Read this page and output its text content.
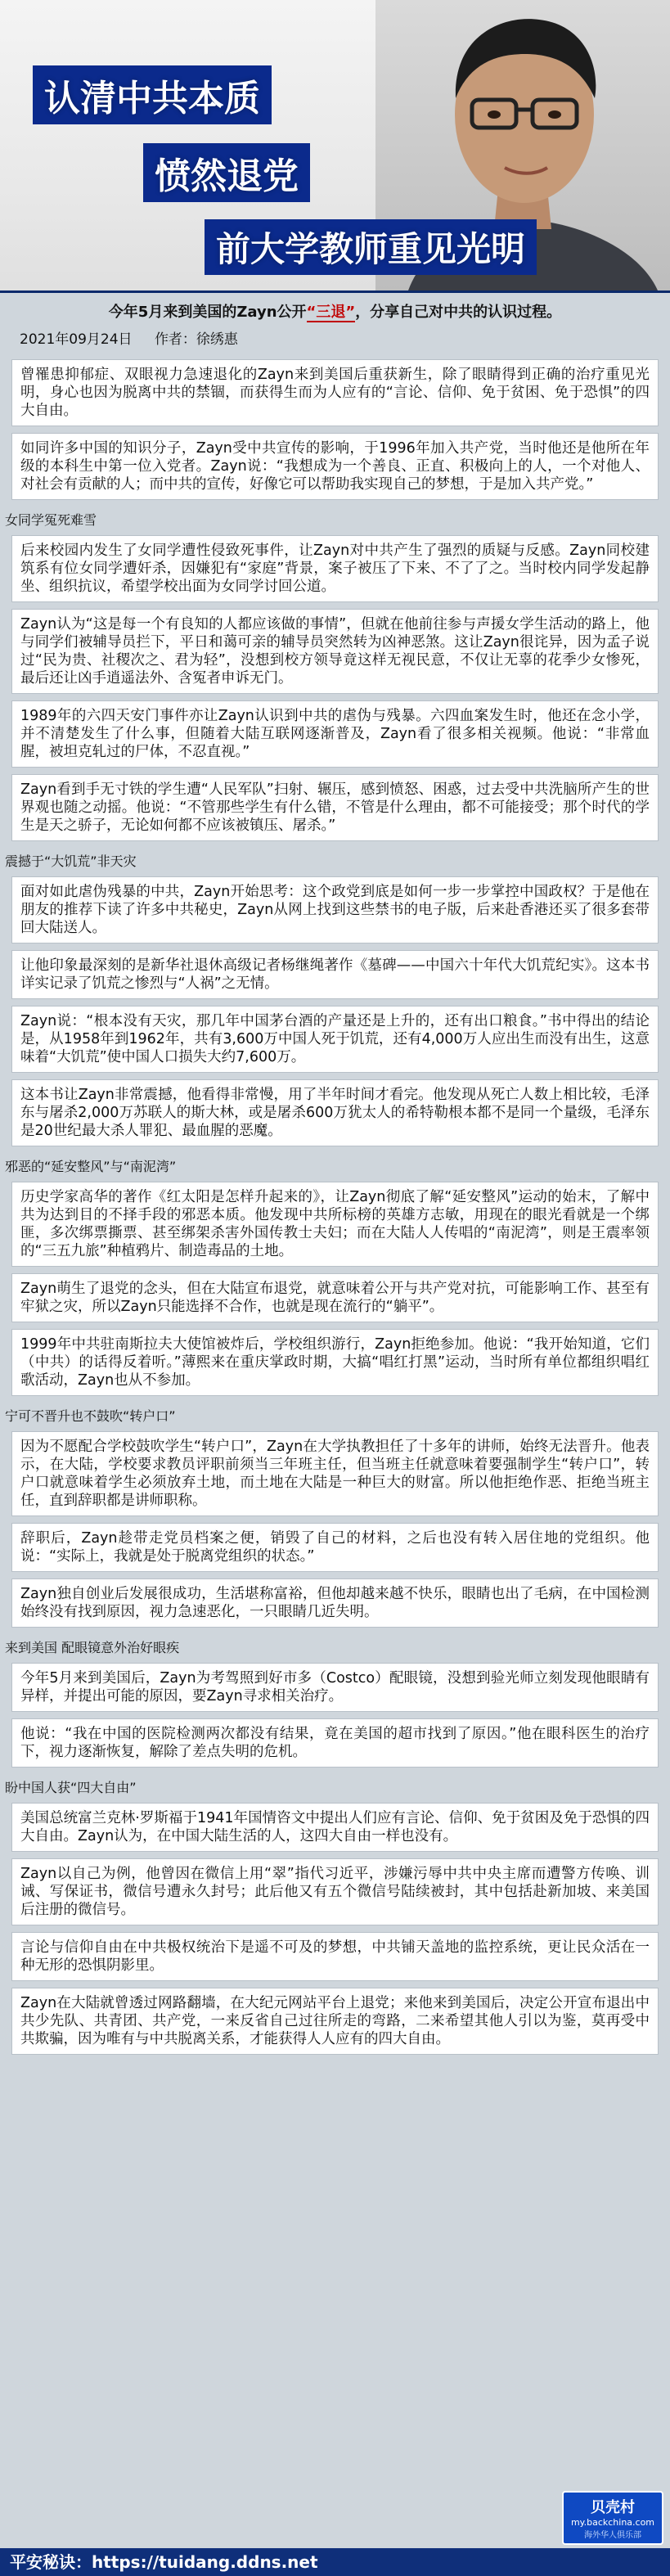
认清中共本质
愤然退党
前大学教师重见光明
今年5月来到美国的Zayn公开“三退”，分享自己对中共的认识过程。
2021年09月24日 作者：徐绣惠
曾罹患抑郁症、双眼视力急速退化的Zayn来到美国后重获新生，除了眼睛得到正确的治疗重见光明，身心也因为脱离中共的禁锢，而获得生而为人应有的“言论、信仰、免于贫困、免于恐惧”的四大自由。
如同许多中国的知识分子，Zayn受中共宣传的影响，于1996年加入共产党，当时他还是他所在年级的本科生中第一位入党者。Zayn说：“我想成为一个善良、正直、积极向上的人，一个对他人、对社会有贡献的人；而中共的宣传，好像它可以帮助我实现自己的梦想，于是加入共产党。”
女同学冤死难雪
后来校园内发生了女同学遭性侵致死事件，让Zayn对中共产生了强烈的质疑与反感。Zayn同校建筑系有位女同学遭奸杀，因嫌犯有“家庭”背景，案子被压了下来、不了了之。当时校内同学发起静坐、组织抗议，希望学校出面为女同学讨回公道。
Zayn认为“这是每一个有良知的人都应该做的事情”，但就在他前往参与声援女学生活动的路上，他与同学们被辅导员拦下，平日和蔼可亲的辅导员突然转为凶神恶煞。这让Zayn很诧异，因为孟子说过“民为贵、社稷次之、君为轻”，没想到校方领导竟这样无视民意，不仅让无辜的花季少女惨死，最后还让凶手逍遥法外、含冤者申诉无门。
1989年的六四天安门事件亦让Zayn认识到中共的虐伪与残暴。六四血案发生时，他还在念小学，并不清楚发生了什么事，但随着大陆互联网逐渐普及，Zayn看了很多相关视频。他说：“非常血腥，被坦克轧过的尸体，不忍直视。”
Zayn看到手无寸铁的学生遭“人民军队”扫射、辗压，感到愤怒、困惑，过去受中共洗脑所产生的世界观也随之动摇。他说：“不管那些学生有什么错，不管是什么理由，都不可能接受；那个时代的学生是天之骄子，无论如何都不应该被镇压、屠杀。”
震撼于“大饥荒”非天灾
面对如此虐伪残暴的中共，Zayn开始思考：这个政党到底是如何一步一步掌控中国政权？于是他在朋友的推荐下读了许多中共秘史，Zayn从网上找到这些禁书的电子版，后来赴香港还买了很多套带回大陆送人。
让他印象最深刻的是新华社退休高级记者杨继绳著作《墓碑——中国六十年代大饥荒纪实》。这本书详实记录了饥荒之惨烈与“人祸”之无情。
Zayn说：“根本没有天灾，那几年中国茅台酒的产量还是上升的，还有出口粮食。”书中得出的结论是，从1958年到1962年，共有3,600万中国人死于饥荒，还有4,000万人应出生而没有出生，这意味着“大饥荒”使中国人口损失大约7,600万。
这本书让Zayn非常震撼，他看得非常慢，用了半年时间才看完。他发现从死亡人数上相比较，毛泽东与屠杀2,000万苏联人的斯大林，或是屠杀600万犹太人的希特勒根本都不是同一个量级，毛泽东是20世纪最大杀人罪犯、最血腥的恶魔。
邪恶的“延安整风”与“南泥湾”
历史学家高华的著作《红太阳是怎样升起来的》，让Zayn彻底了解“延安整风”运动的始末，了解中共为达到目的不择手段的邪恶本质。他发现中共所标榜的英雄方志敏，用现在的眼光看就是一个绑匪，多次绑票撕票、甚至绑架杀害外国传教士夫妇；而在大陆人人传唱的“南泥湾”，则是王震率领的“三五九旅”种植鸦片、制造毒品的土地。
Zayn萌生了退党的念头，但在大陆宣布退党，就意味着公开与共产党对抗，可能影响工作、甚至有牢狱之灾，所以Zayn只能选择不合作，也就是现在流行的“躺平”。
1999年中共驻南斯拉夫大使馆被炸后，学校组织游行，Zayn拒绝参加。他说：“我开始知道，它们（中共）的话得反着听。”薄熙来在重庆掌政时期，大搞“唱红打黑”运动，当时所有单位都组织唱红歌活动，Zayn也从不参加。
宁可不晋升也不鼓吹“转户口”
因为不愿配合学校鼓吹学生“转户口”，Zayn在大学执教担任了十多年的讲师，始终无法晋升。他表示，在大陆，学校要求教员评职前须当三年班主任，但当班主任就意味着要强制学生“转户口”，转户口就意味着学生必须放弃土地，而土地在大陆是一种巨大的财富。所以他拒绝作恶、拒绝当班主任，直到辞职都是讲师职称。
辞职后，Zayn趁带走党员档案之便，销毁了自己的材料，之后也没有转入居住地的党组织。他说：“实际上，我就是处于脱离党组织的状态。”
Zayn独自创业后发展很成功，生活堪称富裕，但他却越来越不快乐，眼睛也出了毛病，在中国检测始终没有找到原因，视力急速恶化，一只眼睛几近失明。
来到美国 配眼镜意外治好眼疾
今年5月来到美国后，Zayn为考驾照到好市多（Costco）配眼镜，没想到验光师立刻发现他眼睛有异样，并提出可能的原因，要Zayn寻求相关治疗。
他说：“我在中国的医院检测两次都没有结果，竟在美国的超市找到了原因。”他在眼科医生的治疗下，视力逐渐恢复，解除了差点失明的危机。
盼中国人获“四大自由”
美国总统富兰克林·罗斯福于1941年国情咨文中提出人们应有言论、信仰、免于贫困及免于恐惧的四大自由。Zayn认为，在中国大陆生活的人，这四大自由一样也没有。
Zayn以自己为例，他曾因在微信上用“翠”指代习近平，涉嫌污辱中共中央主席而遭警方传唤、训诫、写保证书，微信号遭永久封号；此后他又有五个微信号陆续被封，其中包括赴新加坡、来美国后注册的微信号。
言论与信仰自由在中共极权统治下是遥不可及的梦想，中共铺天盖地的监控系统，更让民众活在一种无形的恐惧阴影里。
Zayn在大陆就曾透过网路翻墙，在大纪元网站平台上退党；来他来到美国后，决定公开宣布退出中共少先队、共青团、共产党，一来反省自己过往所走的弯路，二来希望其他人引以为鉴，莫再受中共欺骗，因为唯有与中共脱离关系，才能获得人人应有的四大自由。
贝壳村
my.backchina.com
海外华人俱乐部
平安秘诀：https://tuidang.ddns.net
